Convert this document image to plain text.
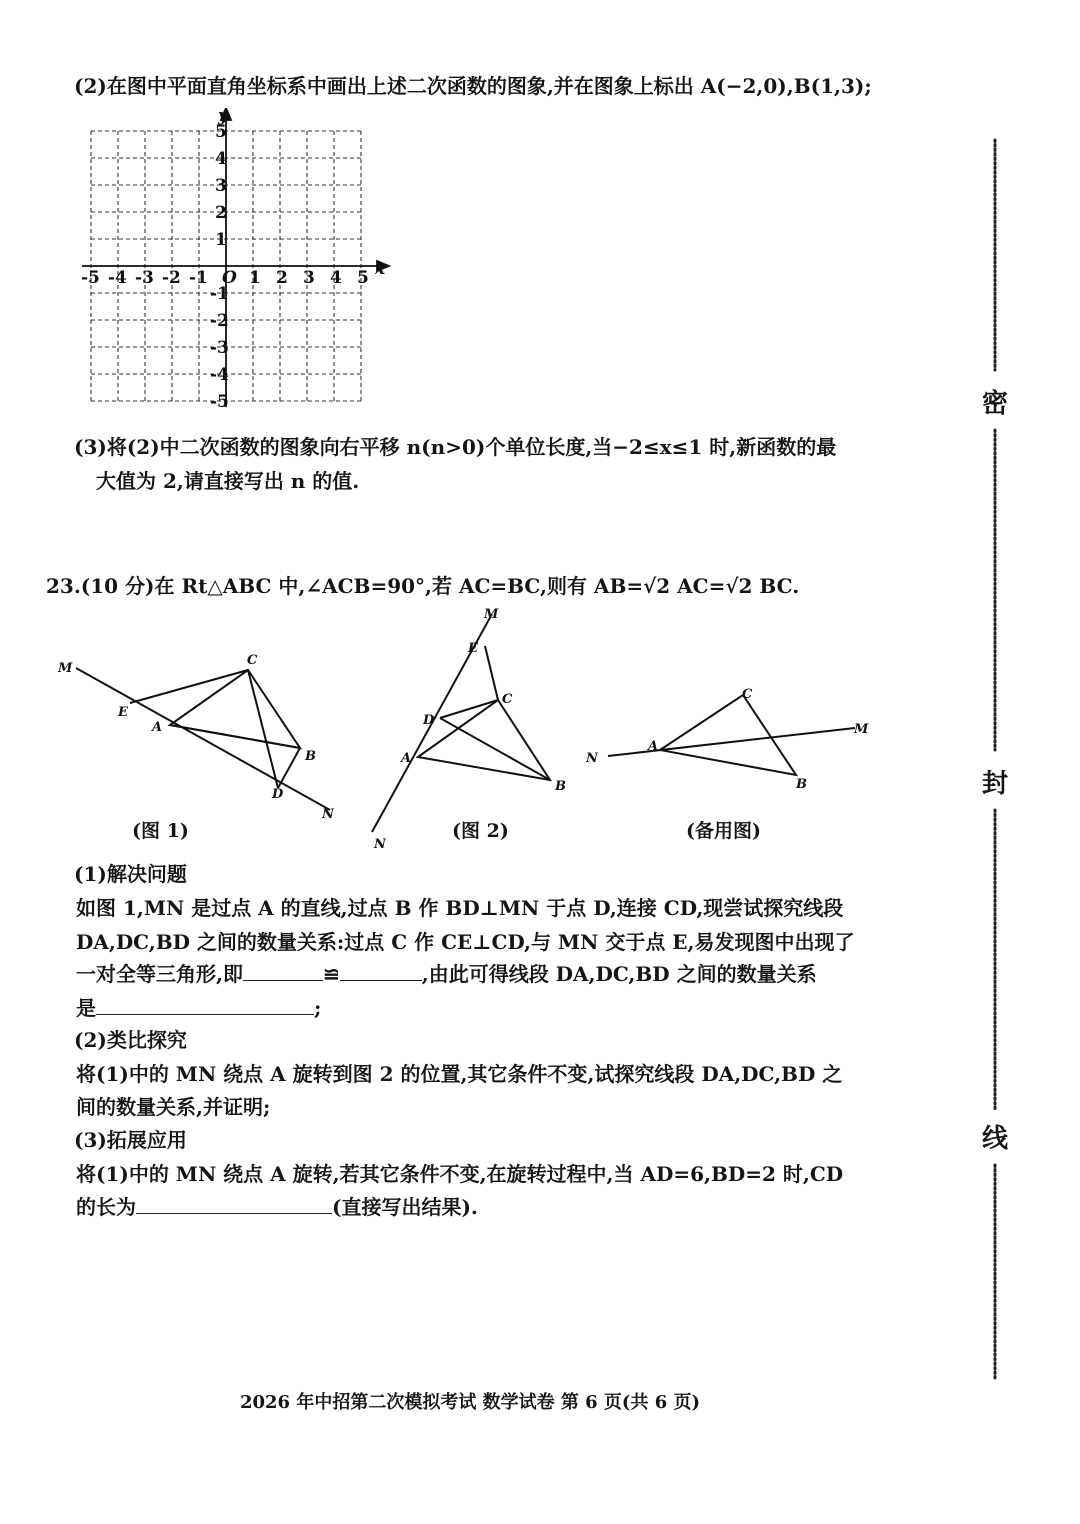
(2)在图中平面直角坐标系中画出上述二次函数的图象,并在图象上标出 A(−2,0),B(1,3);
-5 -4 -3 -2 -1 1 2 3 4 5
5
4
3
2
1
-1
-2
-3
-4
-5
O	x
y
(3)将(2)中二次函数的图象向右平移 n(n>0)个单位长度,当−2≤x≤1 时,新函数的最
大值为 2,请直接写出 n 的值.
23.(10 分)在 Rt△ABC 中,∠ACB=90°,若 AC=BC,则有 AB=√2 AC=√2 BC.
M
N
A
B
C
D
E
M
N
A
B
C
D
E
M
N
A
B
C
(图 1)	(图 2)	(备用图)
(1)解决问题
如图 1,MN 是过点 A 的直线,过点 B 作 BD⊥MN 于点 D,连接 CD,现尝试探究线段
DA,DC,BD 之间的数量关系:过点 C 作 CE⊥CD,与 MN 交于点 E,易发现图中出现了
一对全等三角形,即	≌	,由此可得线段 DA,DC,BD 之间的数量关系
是	;
(2)类比探究
将(1)中的 MN 绕点 A 旋转到图 2 的位置,其它条件不变,试探究线段 DA,DC,BD 之
间的数量关系,并证明;
(3)拓展应用
将(1)中的 MN 绕点 A 旋转,若其它条件不变,在旋转过程中,当 AD=6,BD=2 时,CD
的长为	(直接写出结果).
2026 年中招第二次模拟考试 数学试卷 第 6 页(共 6 页)
密
封
线
